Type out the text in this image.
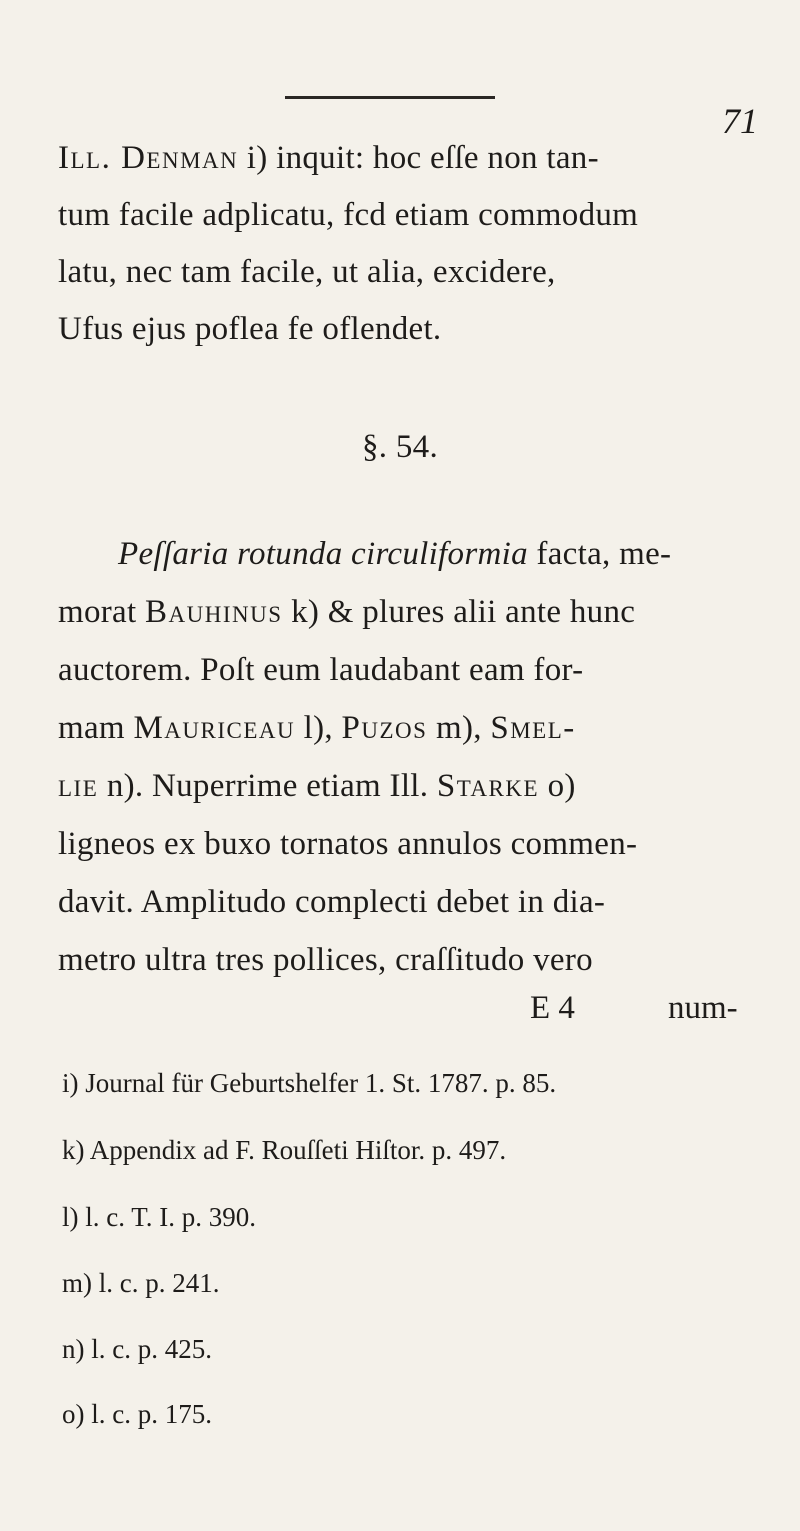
71
Ill. Denman i) inquit: hoc eſſe non tan-
tum facile adplicatu, fcd etiam commodum
latu, nec tam facile, ut alia, excidere,
Ufus ejus poflea fe oflendet.
§. 54.
Peſſaria rotunda circuliformia facta, me-
morat Bauhinus k) & plures alii ante hunc
auctorem. Poſt eum laudabant eam for-
mam Mauriceau l), Puzos m), Smel-
lie n). Nuperrime etiam Ill. Starke o)
ligneos ex buxo tornatos annulos commen-
davit. Amplitudo complecti debet in dia-
metro ultra tres pollices, craſſitudo vero
E 4	num-
i) Journal für Geburtshelfer 1. St. 1787. p. 85.
k) Appendix ad F. Rouſſeti Hiſtor. p. 497.
l) l. c. T. I. p. 390.
m) l. c. p. 241.
n) l. c. p. 425.
o) l. c. p. 175.
